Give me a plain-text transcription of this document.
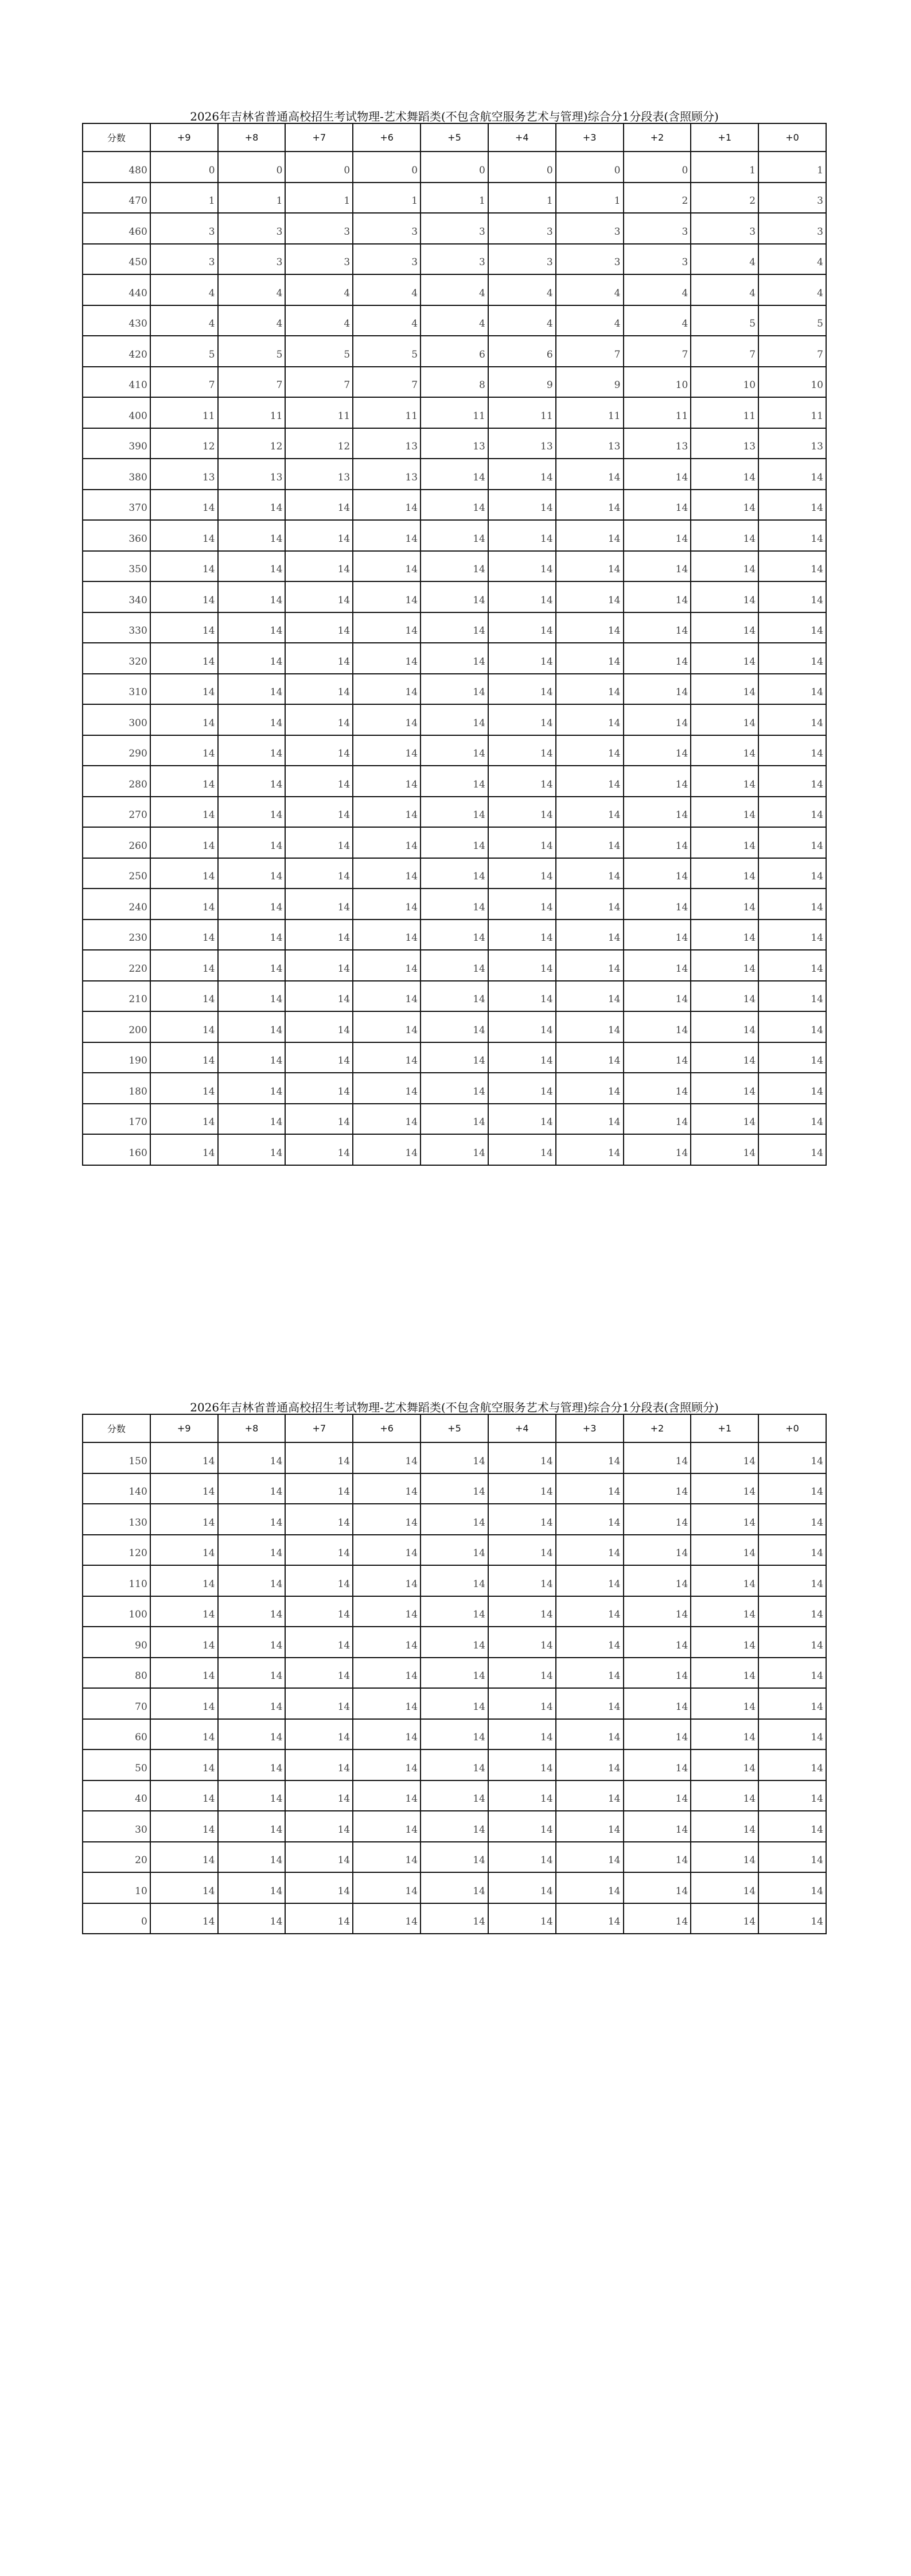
2026年吉林省普通高校招生考试物理-艺术舞蹈类(不包含航空服务艺术与管理)综合分1分段表(含照顾分)
分数	+9	+8	+7	+6	+5	+4	+3	+2	+1	+0
480	0	0	0	0	0	0	0	0	1	1
470	1	1	1	1	1	1	1	2	2	3
460	3	3	3	3	3	3	3	3	3	3
450	3	3	3	3	3	3	3	3	4	4
440	4	4	4	4	4	4	4	4	4	4
430	4	4	4	4	4	4	4	4	5	5
420	5	5	5	5	6	6	7	7	7	7
410	7	7	7	7	8	9	9	10	10	10
400	11	11	11	11	11	11	11	11	11	11
390	12	12	12	13	13	13	13	13	13	13
380	13	13	13	13	14	14	14	14	14	14
370	14	14	14	14	14	14	14	14	14	14
360	14	14	14	14	14	14	14	14	14	14
350	14	14	14	14	14	14	14	14	14	14
340	14	14	14	14	14	14	14	14	14	14
330	14	14	14	14	14	14	14	14	14	14
320	14	14	14	14	14	14	14	14	14	14
310	14	14	14	14	14	14	14	14	14	14
300	14	14	14	14	14	14	14	14	14	14
290	14	14	14	14	14	14	14	14	14	14
280	14	14	14	14	14	14	14	14	14	14
270	14	14	14	14	14	14	14	14	14	14
260	14	14	14	14	14	14	14	14	14	14
250	14	14	14	14	14	14	14	14	14	14
240	14	14	14	14	14	14	14	14	14	14
230	14	14	14	14	14	14	14	14	14	14
220	14	14	14	14	14	14	14	14	14	14
210	14	14	14	14	14	14	14	14	14	14
200	14	14	14	14	14	14	14	14	14	14
190	14	14	14	14	14	14	14	14	14	14
180	14	14	14	14	14	14	14	14	14	14
170	14	14	14	14	14	14	14	14	14	14
160	14	14	14	14	14	14	14	14	14	14
2026年吉林省普通高校招生考试物理-艺术舞蹈类(不包含航空服务艺术与管理)综合分1分段表(含照顾分)
分数	+9	+8	+7	+6	+5	+4	+3	+2	+1	+0
150	14	14	14	14	14	14	14	14	14	14
140	14	14	14	14	14	14	14	14	14	14
130	14	14	14	14	14	14	14	14	14	14
120	14	14	14	14	14	14	14	14	14	14
110	14	14	14	14	14	14	14	14	14	14
100	14	14	14	14	14	14	14	14	14	14
90	14	14	14	14	14	14	14	14	14	14
80	14	14	14	14	14	14	14	14	14	14
70	14	14	14	14	14	14	14	14	14	14
60	14	14	14	14	14	14	14	14	14	14
50	14	14	14	14	14	14	14	14	14	14
40	14	14	14	14	14	14	14	14	14	14
30	14	14	14	14	14	14	14	14	14	14
20	14	14	14	14	14	14	14	14	14	14
10	14	14	14	14	14	14	14	14	14	14
0	14	14	14	14	14	14	14	14	14	14
